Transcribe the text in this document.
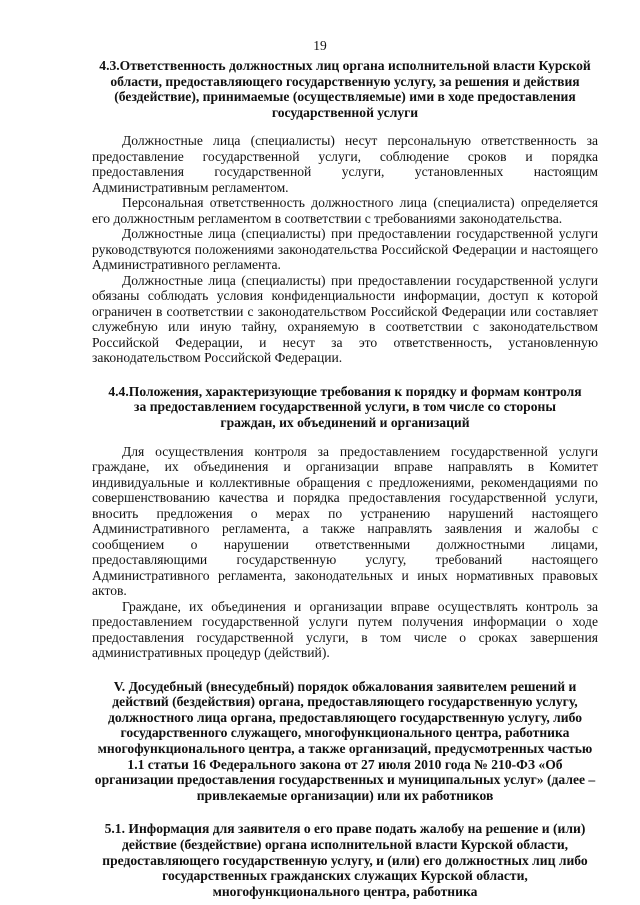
19

4.3.Ответственность должностных лиц органа исполнительной власти Курской области, предоставляющего государственную услугу, за решения и действия (бездействие), принимаемые (осуществляемые) ими в ходе предоставления государственной услуги

Должностные лица (специалисты) несут персональную ответственность за предоставление государственной услуги, соблюдение сроков и порядка предоставления государственной услуги, установленных настоящим Административным регламентом.

Персональная ответственность должностного лица (специалиста) определяется его должностным регламентом в соответствии с требованиями законодательства.

Должностные лица (специалисты) при предоставлении государственной услуги руководствуются положениями законодательства Российской Федерации и настоящего Административного регламента.

Должностные лица (специалисты) при предоставлении государственной услуги обязаны соблюдать условия конфиденциальности информации, доступ к которой ограничен в соответствии с законодательством Российской Федерации или составляет служебную или иную тайну, охраняемую в соответствии с законодательством Российской Федерации, и несут за это ответственность, установленную законодательством Российской Федерации.

4.4.Положения, характеризующие требования к порядку и формам контроля за предоставлением государственной услуги, в том числе со стороны граждан, их объединений и организаций

Для осуществления контроля за предоставлением государственной услуги граждане, их объединения и организации вправе направлять в Комитет индивидуальные и коллективные обращения с предложениями, рекомендациями по совершенствованию качества и порядка предоставления государственной услуги, вносить предложения о мерах по устранению нарушений настоящего Административного регламента, а также направлять заявления и жалобы с сообщением о нарушении ответственными должностными лицами, предоставляющими государственную услугу, требований настоящего Административного регламента, законодательных и иных нормативных правовых актов.

Граждане, их объединения и организации вправе осуществлять контроль за предоставлением государственной услуги путем получения информации о ходе предоставления государственной услуги, в том числе о сроках завершения административных процедур (действий).

V. Досудебный (внесудебный) порядок обжалования заявителем решений и действий (бездействия) органа, предоставляющего государственную услугу, должностного лица органа, предоставляющего государственную услугу, либо государственного служащего, многофункционального центра, работника многофункционального центра, а также организаций, предусмотренных частью 1.1 статьи 16 Федерального закона от 27 июля 2010 года № 210-ФЗ «Об организации предоставления государственных и муниципальных услуг» (далее – привлекаемые организации) или их работников

5.1. Информация для заявителя о его праве подать жалобу на решение и (или) действие (бездействие) органа исполнительной власти Курской области, предоставляющего государственную услугу, и (или) его должностных лиц либо государственных гражданских служащих Курской области, многофункционального центра, работника
